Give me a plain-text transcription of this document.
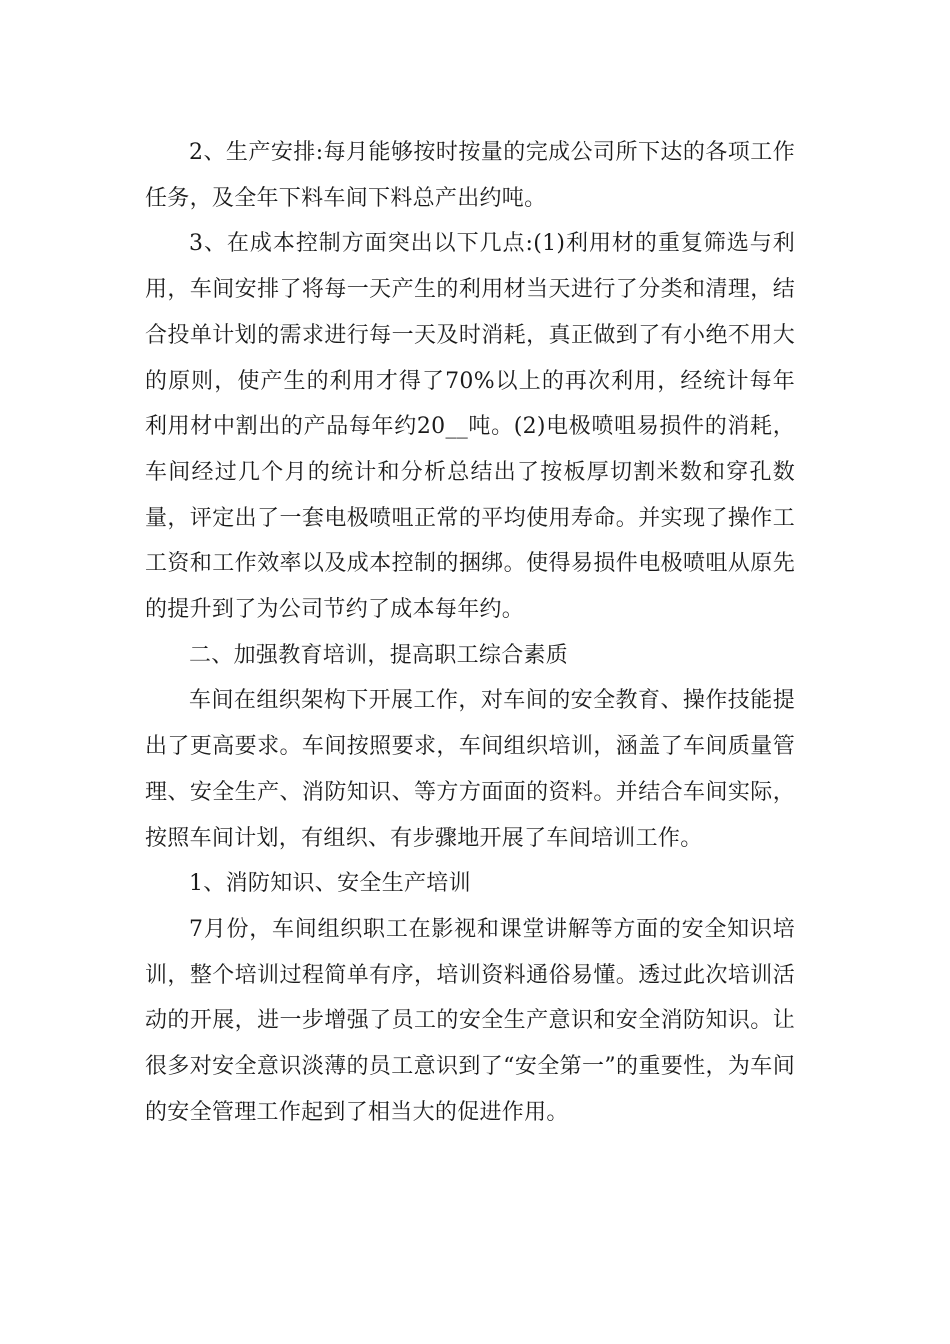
2、生产安排:每月能够按时按量的完成公司所下达的各项工作任务，及全年下料车间下料总产出约吨。

3、在成本控制方面突出以下几点:(1)利用材的重复筛选与利用，车间安排了将每一天产生的利用材当天进行了分类和清理，结合投单计划的需求进行每一天及时消耗，真正做到了有小绝不用大的原则，使产生的利用才得了70%以上的再次利用，经统计每年利用材中割出的产品每年约20__吨。(2)电极喷咀易损件的消耗，车间经过几个月的统计和分析总结出了按板厚切割米数和穿孔数量，评定出了一套电极喷咀正常的平均使用寿命。并实现了操作工工资和工作效率以及成本控制的捆绑。使得易损件电极喷咀从原先的提升到了为公司节约了成本每年约。

二、加强教育培训，提高职工综合素质

车间在组织架构下开展工作，对车间的安全教育、操作技能提出了更高要求。车间按照要求，车间组织培训，涵盖了车间质量管理、安全生产、消防知识、等方方面面的资料。并结合车间实际，按照车间计划，有组织、有步骤地开展了车间培训工作。

1、消防知识、安全生产培训

7月份，车间组织职工在影视和课堂讲解等方面的安全知识培训，整个培训过程简单有序，培训资料通俗易懂。透过此次培训活动的开展，进一步增强了员工的安全生产意识和安全消防知识。让很多对安全意识淡薄的员工意识到了“安全第一”的重要性，为车间的安全管理工作起到了相当大的促进作用。
